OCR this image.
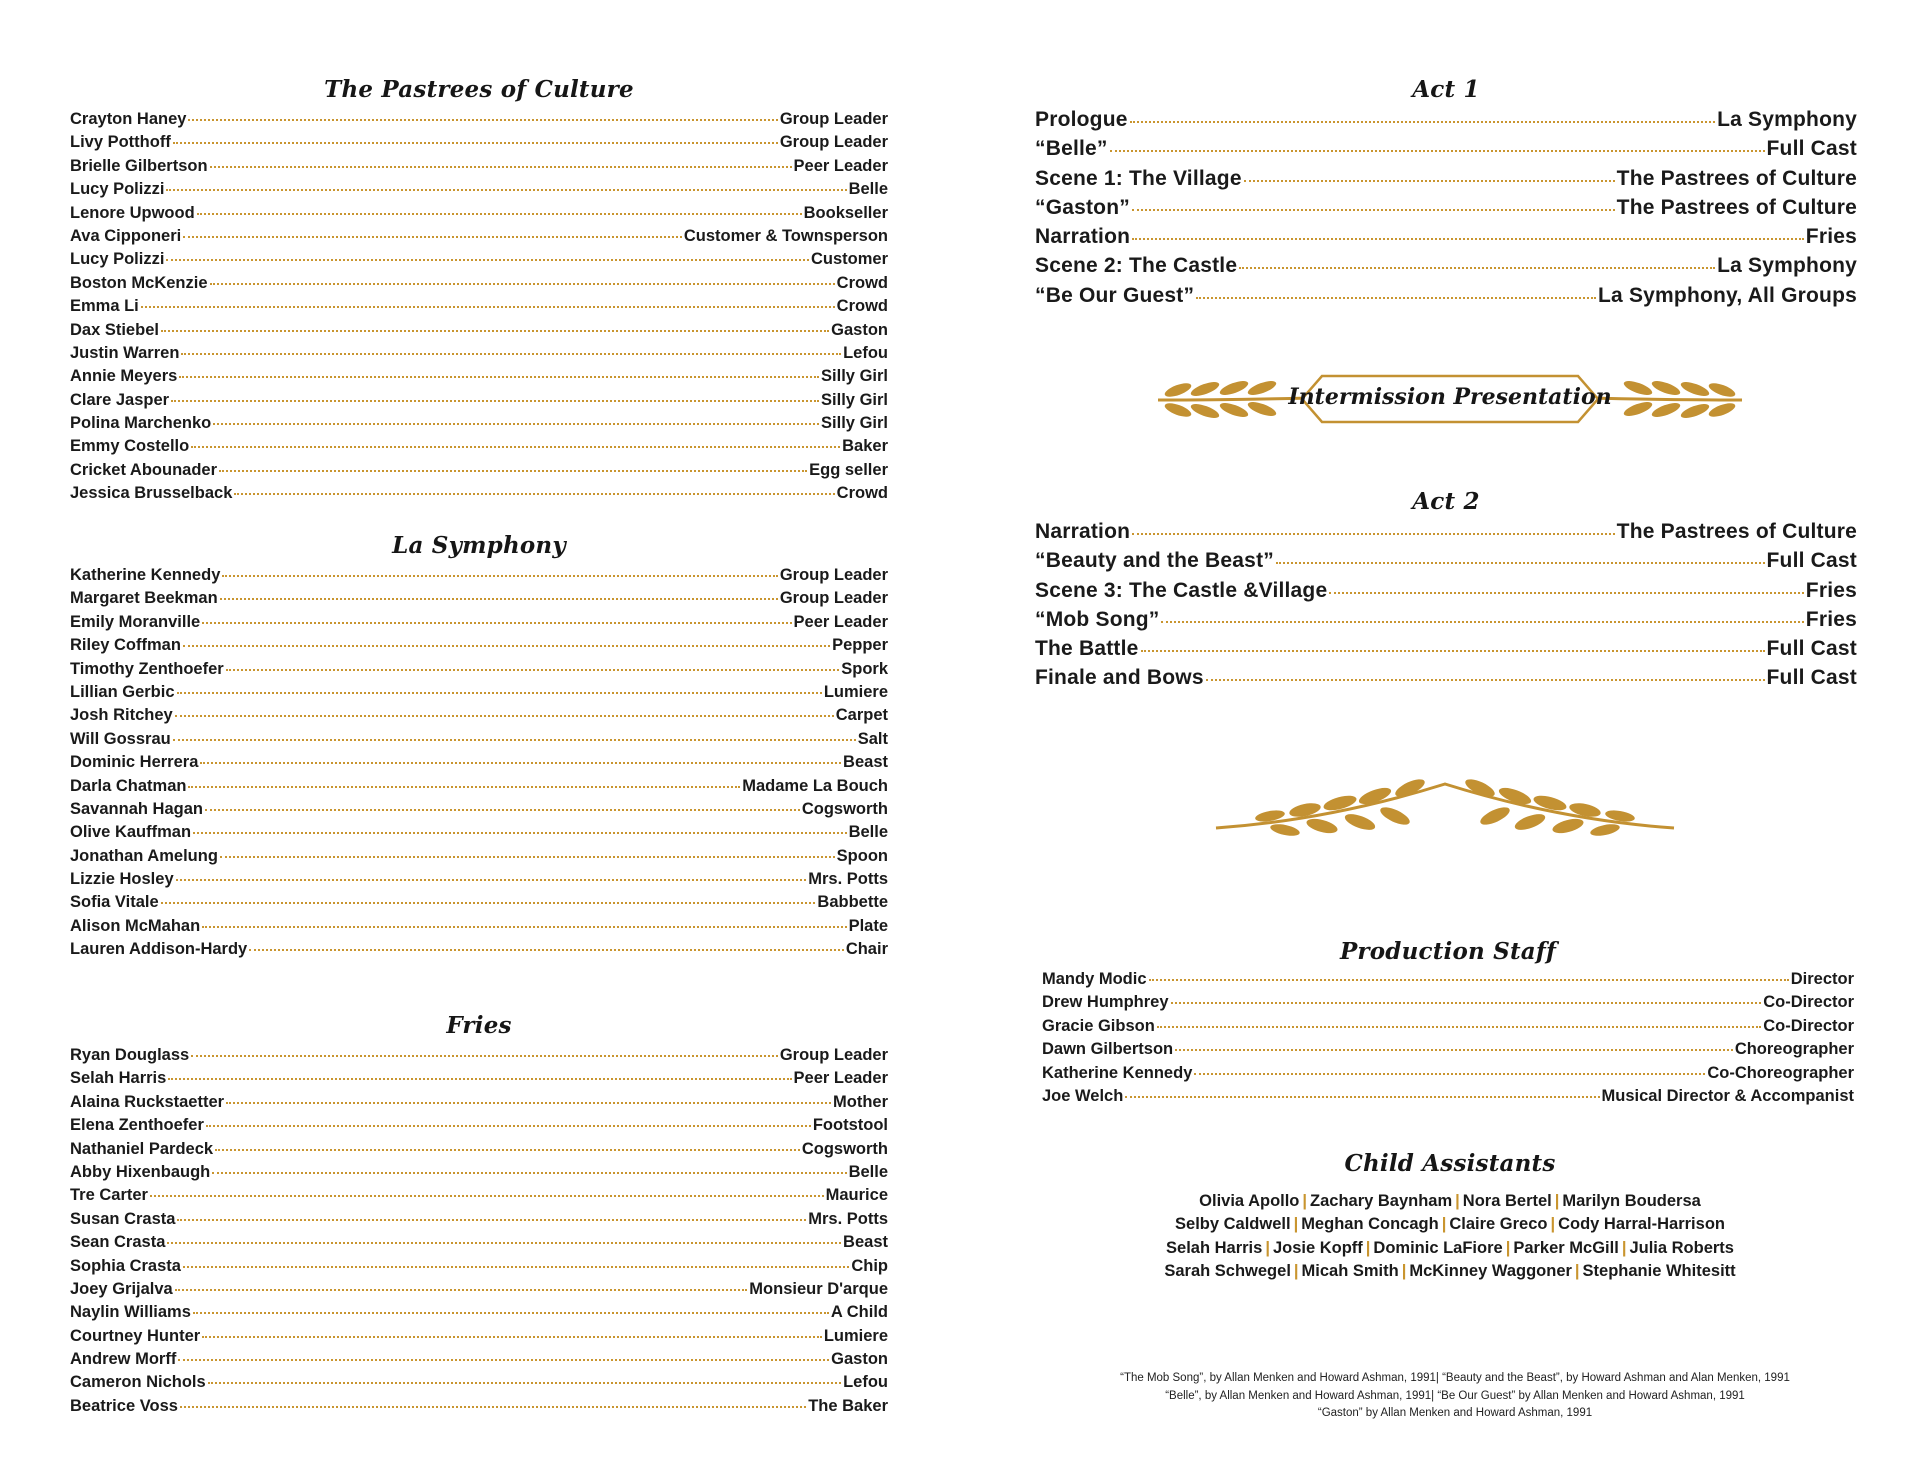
The Pastrees of Culture
Crayton Haney	Group Leader
Livy Potthoff	Group Leader
Brielle Gilbertson	Peer Leader
Lucy Polizzi	Belle
Lenore Upwood	Bookseller
Ava Cipponeri	Customer & Townsperson
Lucy Polizzi	Customer
Boston McKenzie	Crowd
Emma Li	Crowd
Dax Stiebel	Gaston
Justin Warren	Lefou
Annie Meyers	Silly Girl
Clare Jasper	Silly Girl
Polina Marchenko	Silly Girl
Emmy Costello	Baker
Cricket Abounader	Egg seller
Jessica Brusselback	Crowd
La Symphony
Katherine Kennedy	Group Leader
Margaret Beekman	Group Leader
Emily Moranville	Peer Leader
Riley Coffman	Pepper
Timothy Zenthoefer	Spork
Lillian Gerbic	Lumiere
Josh Ritchey	Carpet
Will Gossrau	Salt
Dominic Herrera	Beast
Darla Chatman	Madame La Bouch
Savannah Hagan	Cogsworth
Olive Kauffman	Belle
Jonathan Amelung	Spoon
Lizzie Hosley	Mrs. Potts
Sofia Vitale	Babbette
Alison McMahan	Plate
Lauren Addison-Hardy	Chair
Fries
Ryan Douglass	Group Leader
Selah Harris	Peer Leader
Alaina Ruckstaetter	Mother
Elena Zenthoefer	Footstool
Nathaniel Pardeck	Cogsworth
Abby Hixenbaugh	Belle
Tre Carter	Maurice
Susan Crasta	Mrs. Potts
Sean Crasta	Beast
Sophia Crasta	Chip
Joey Grijalva	Monsieur D'arque
Naylin Williams	A Child
Courtney Hunter	Lumiere
Andrew Morff	Gaston
Cameron Nichols	Lefou
Beatrice Voss	The Baker
Act 1
Prologue	La Symphony
“Belle”	Full Cast
Scene 1: The Village	The Pastrees of Culture
“Gaston”	The Pastrees of Culture
Narration	Fries
Scene 2: The Castle	La Symphony
“Be Our Guest”	La Symphony, All Groups
Intermission Presentation
Act 2
Narration	The Pastrees of Culture
“Beauty and the Beast”	Full Cast
Scene 3: The Castle &Village	Fries
“Mob Song”	Fries
The Battle	Full Cast
Finale and Bows	Full Cast
Production Staff
Mandy Modic	Director
Drew Humphrey	Co-Director
Gracie Gibson	Co-Director
Dawn Gilbertson	Choreographer
Katherine Kennedy	Co-Choreographer
Joe Welch	Musical Director & Accompanist
Child Assistants
Olivia Apollo | Zachary Baynham | Nora Bertel | Marilyn Boudersa
Selby Caldwell | Meghan Concagh | Claire Greco | Cody Harral-Harrison
Selah Harris | Josie Kopff | Dominic LaFiore | Parker McGill | Julia Roberts
Sarah Schwegel | Micah Smith | McKinney Waggoner | Stephanie Whitesitt
“The Mob Song”, by Allan Menken and Howard Ashman, 1991| “Beauty and the Beast”, by Howard Ashman and Alan Menken, 1991
“Belle”, by Allan Menken and Howard Ashman, 1991| “Be Our Guest” by Allan Menken and Howard Ashman, 1991
“Gaston” by Allan Menken and Howard Ashman, 1991
